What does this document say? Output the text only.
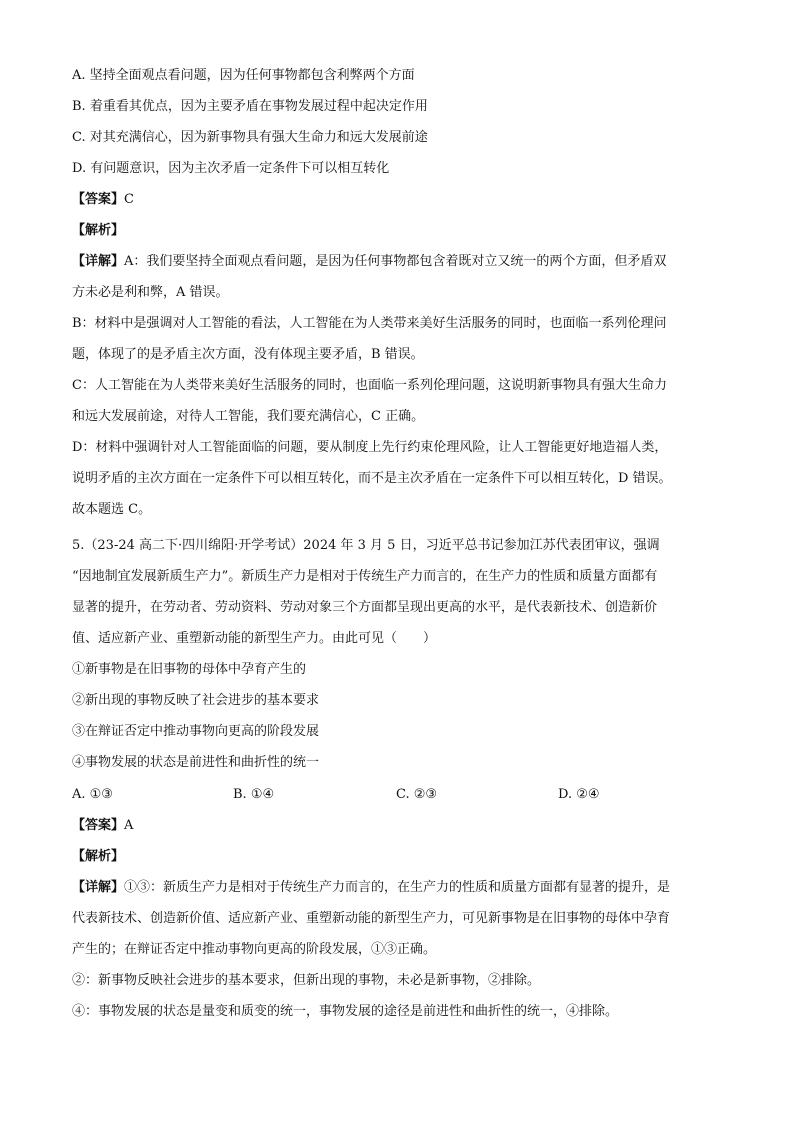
A. 坚持全面观点看问题，因为任何事物都包含利弊两个方面

B. 着重看其优点，因为主要矛盾在事物发展过程中起决定作用

C. 对其充满信心，因为新事物具有强大生命力和远大发展前途

D. 有问题意识，因为主次矛盾一定条件下可以相互转化

【答案】C

【解析】

【详解】A：我们要坚持全面观点看问题，是因为任何事物都包含着既对立又统一的两个方面，但矛盾双

方未必是利和弊，A 错误。

B：材料中是强调对人工智能的看法，人工智能在为人类带来美好生活服务的同时，也面临一系列伦理问

题，体现了的是矛盾主次方面，没有体现主要矛盾，B 错误。

C：人工智能在为人类带来美好生活服务的同时，也面临一系列伦理问题，这说明新事物具有强大生命力

和远大发展前途，对待人工智能，我们要充满信心，C 正确。

D：材料中强调针对人工智能面临的问题，要从制度上先行约束伦理风险，让人工智能更好地造福人类，

说明矛盾的主次方面在一定条件下可以相互转化，而不是主次矛盾在一定条件下可以相互转化，D 错误。

故本题选 C。

5.（23-24 高二下·四川绵阳·开学考试）2024 年 3 月 5 日，习近平总书记参加江苏代表团审议，强调

“因地制宜发展新质生产力”。新质生产力是相对于传统生产力而言的，在生产力的性质和质量方面都有

显著的提升，在劳动者、劳动资料、劳动对象三个方面都呈现出更高的水平，是代表新技术、创造新价

值、适应新产业、重塑新动能的新型生产力。由此可见（　　）

①新事物是在旧事物的母体中孕育产生的

②新出现的事物反映了社会进步的基本要求

③在辩证否定中推动事物向更高的阶段发展

④事物发展的状态是前进性和曲折性的统一

A. ①③	B. ①④	C. ②③	D. ②④

【答案】A

【解析】

【详解】①③：新质生产力是相对于传统生产力而言的，在生产力的性质和质量方面都有显著的提升，是

代表新技术、创造新价值、适应新产业、重塑新动能的新型生产力，可见新事物是在旧事物的母体中孕育

产生的；在辩证否定中推动事物向更高的阶段发展，①③正确。

②：新事物反映社会进步的基本要求，但新出现的事物，未必是新事物，②排除。

④：事物发展的状态是量变和质变的统一，事物发展的途径是前进性和曲折性的统一，④排除。
